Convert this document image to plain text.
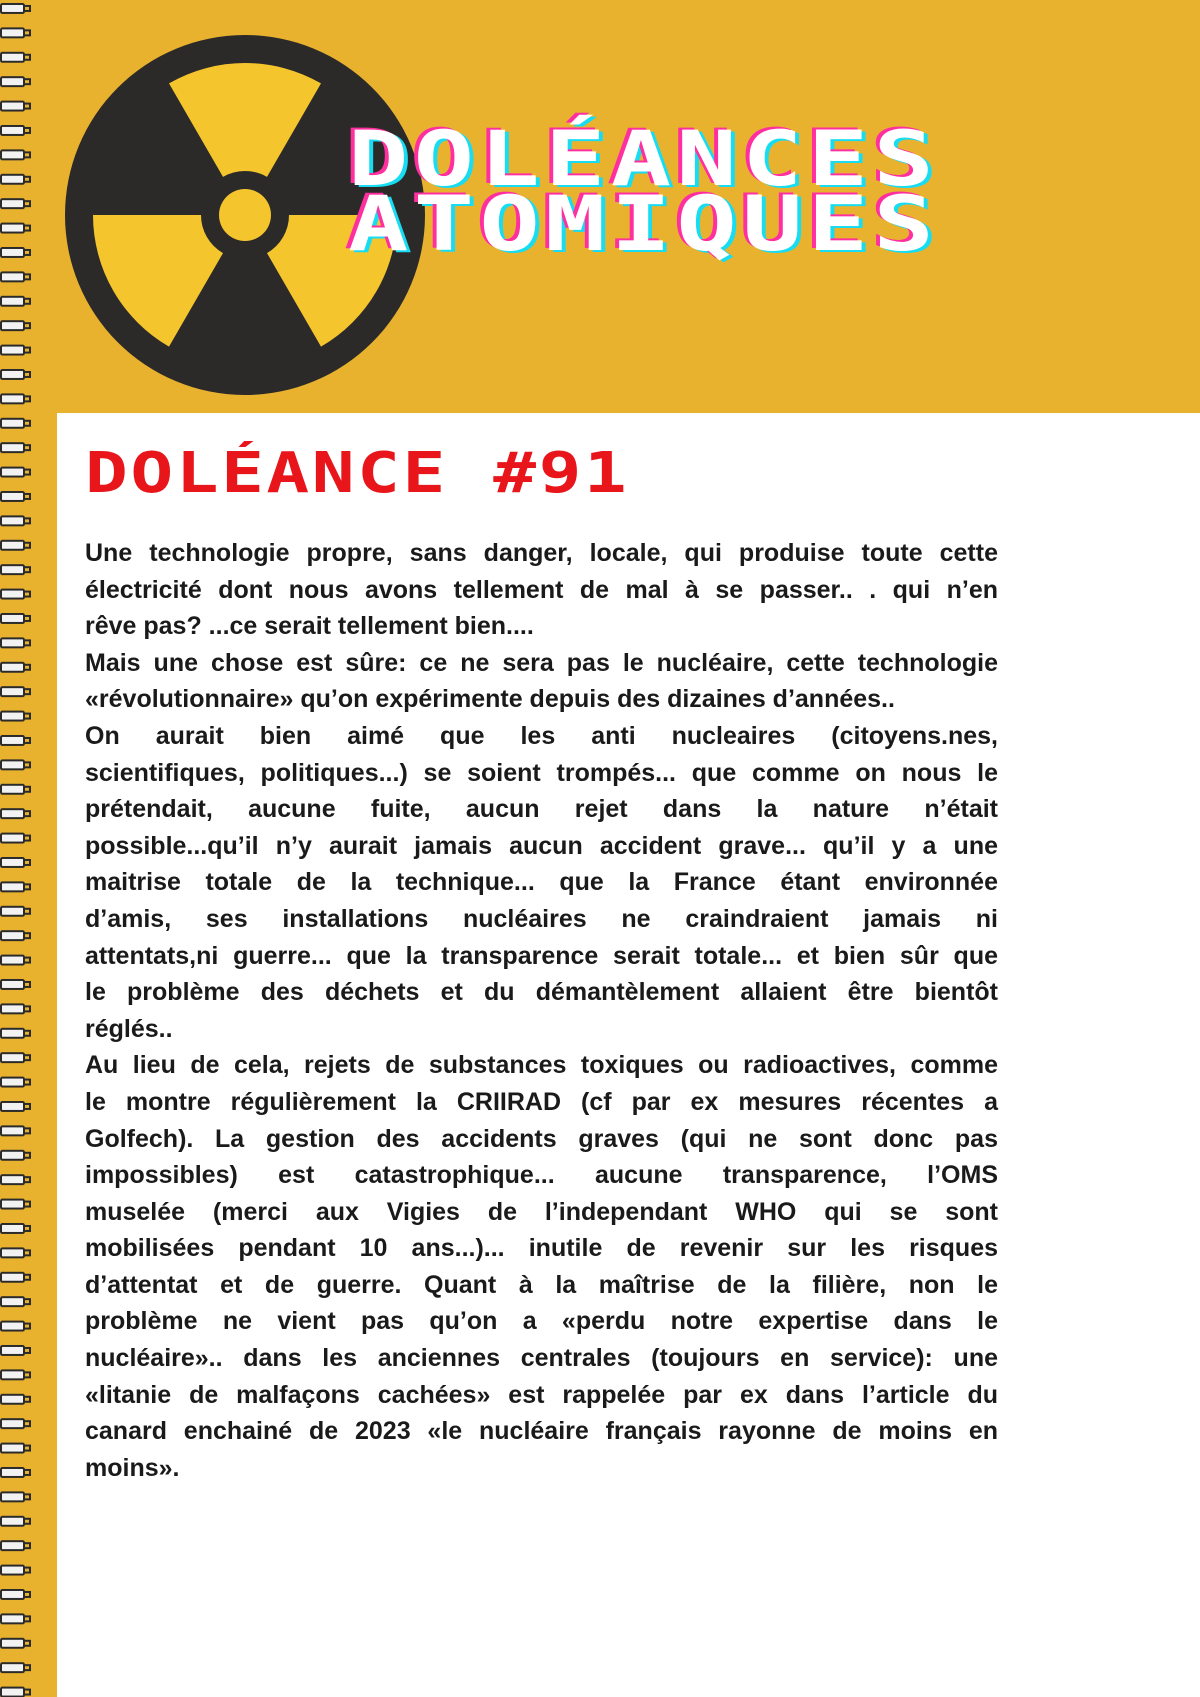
DOLÉANCES
ATOMIQUES
DOLÉANCE #91

Une technologie propre, sans danger, locale, qui produise toute cette
électricité dont nous avons tellement de mal à se passer.. . qui n’en
rêve pas? ...ce serait tellement bien....

Mais une chose est sûre: ce ne sera pas le nucléaire, cette technologie
«révolutionnaire» qu’on expérimente depuis des dizaines d’années..

On aurait bien aimé que les anti nucleaires (citoyens.nes,
scientifiques, politiques...) se soient trompés... que comme on nous le
prétendait, aucune fuite, aucun rejet dans la nature n’était
possible...qu’il n’y aurait jamais aucun accident grave... qu’il y a une
maitrise totale de la technique... que la France étant environnée
d’amis, ses installations nucléaires ne craindraient jamais ni
attentats,ni guerre... que la transparence serait totale... et bien sûr que
le problème des déchets et du démantèlement allaient être bientôt
réglés..

Au lieu de cela, rejets de substances toxiques ou radioactives, comme
le montre régulièrement la CRIIRAD (cf par ex mesures récentes a
Golfech). La gestion des accidents graves (qui ne sont donc pas
impossibles) est catastrophique... aucune transparence, l’OMS
muselée (merci aux Vigies de l’independant WHO qui se sont
mobilisées pendant 10 ans...)... inutile de revenir sur les risques
d’attentat et de guerre. Quant à la maîtrise de la filière, non le
problème ne vient pas qu’on a «perdu notre expertise dans le
nucléaire».. dans les anciennes centrales (toujours en service): une
«litanie de malfaçons cachées» est rappelée par ex dans l’article du
canard enchainé de 2023 «le nucléaire français rayonne de moins en
moins».
